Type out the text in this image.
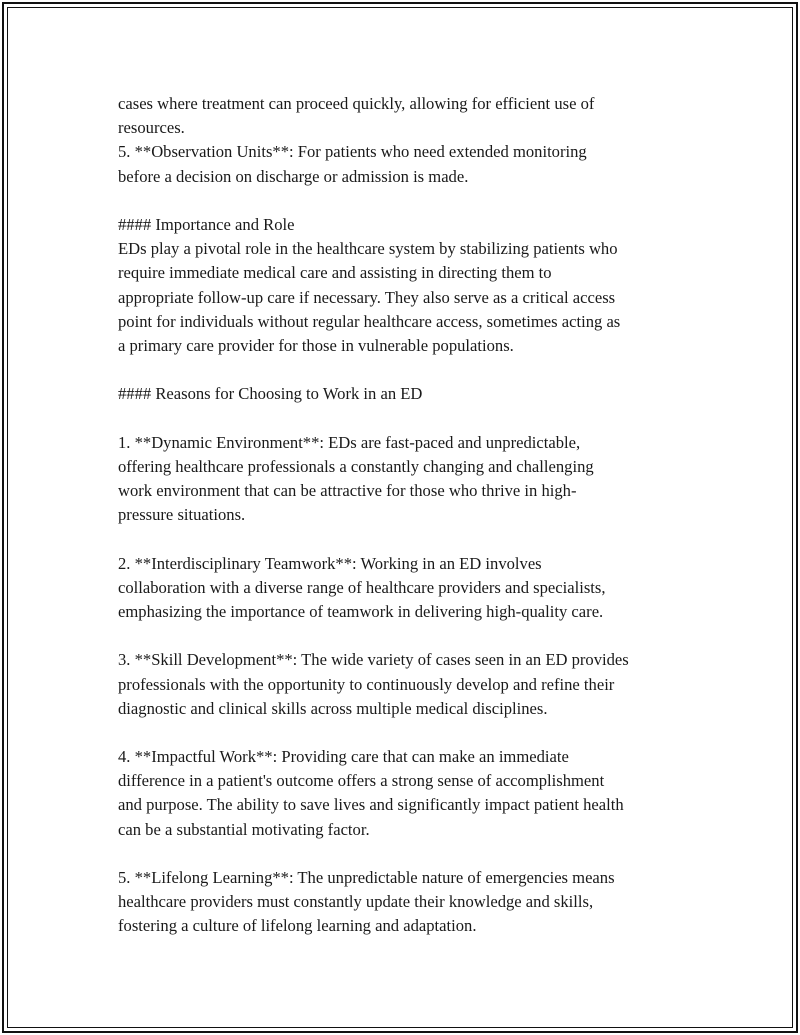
cases where treatment can proceed quickly, allowing for efficient use of
resources.
5. **Observation Units**: For patients who need extended monitoring
before a decision on discharge or admission is made.
#### Importance and Role
EDs play a pivotal role in the healthcare system by stabilizing patients who
require immediate medical care and assisting in directing them to
appropriate follow-up care if necessary. They also serve as a critical access
point for individuals without regular healthcare access, sometimes acting as
a primary care provider for those in vulnerable populations.
#### Reasons for Choosing to Work in an ED
1. **Dynamic Environment**: EDs are fast-paced and unpredictable,
offering healthcare professionals a constantly changing and challenging
work environment that can be attractive for those who thrive in high-
pressure situations.
2. **Interdisciplinary Teamwork**: Working in an ED involves
collaboration with a diverse range of healthcare providers and specialists,
emphasizing the importance of teamwork in delivering high-quality care.
3. **Skill Development**: The wide variety of cases seen in an ED provides
professionals with the opportunity to continuously develop and refine their
diagnostic and clinical skills across multiple medical disciplines.
4. **Impactful Work**: Providing care that can make an immediate
difference in a patient's outcome offers a strong sense of accomplishment
and purpose. The ability to save lives and significantly impact patient health
can be a substantial motivating factor.
5. **Lifelong Learning**: The unpredictable nature of emergencies means
healthcare providers must constantly update their knowledge and skills,
fostering a culture of lifelong learning and adaptation.
